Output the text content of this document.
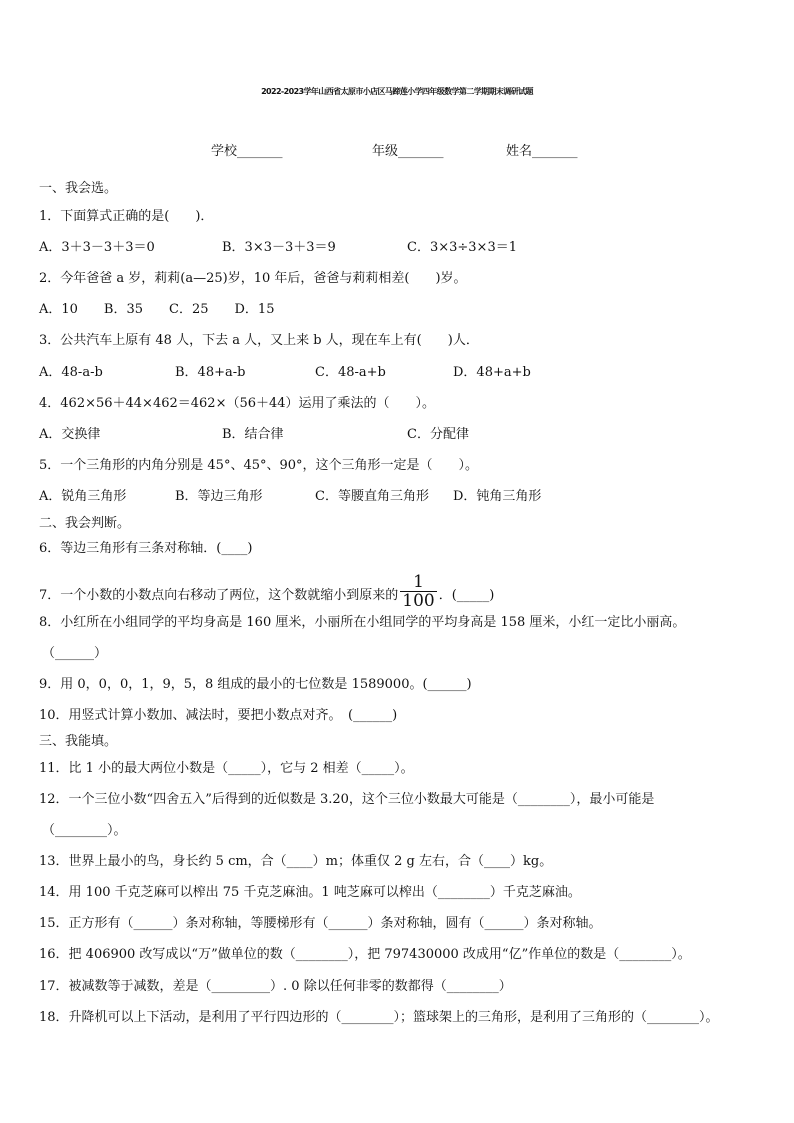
2022-2023学年山西省太原市小店区马蹄莲小学四年级数学第二学期期末调研试题
学校_______	年级_______	姓名_______
一、我会选。
1．下面算式正确的是(　　)．
A．3＋3－3＋3＝0	B．3×3－3＋3＝9	C．3×3÷3×3＝1
2．今年爸爸 a 岁，莉莉(a—25)岁，10 年后，爸爸与莉莉相差(　　)岁。
A．10　　B．35　　C．25　　D．15
3．公共汽车上原有 48 人，下去 a 人，又上来 b 人，现在车上有(　　)人．
A．48-a-b	B．48+a-b	C．48-a+b	D．48+a+b
4．462×56＋44×462＝462×（56＋44）运用了乘法的（　　）。
A．交换律	B．结合律	C．分配律
5．一个三角形的内角分别是 45°、45°、90°，这个三角形一定是（　　）。
A．锐角三角形	B．等边三角形	C．等腰直角三角形 D．钝角三角形
二、我会判断。
6．等边三角形有三条对称轴．(____)
7．一个小数的小数点向右移动了两位，这个数就缩小到原来的 $\frac{1}{100}$ ．(_____)
8．小红所在小组同学的平均身高是 160 厘米，小丽所在小组同学的平均身高是 158 厘米，小红一定比小丽高。
（______）
9．用 0，0，0，1，9，5，8 组成的最小的七位数是 1589000。(______)
10．用竖式计算小数加、减法时，要把小数点对齐。　(______)
三、我能填。
11．比 1 小的最大两位小数是（_____），它与 2 相差（_____）。
12．一个三位小数“四舍五入”后得到的近似数是 3.20，这个三位小数最大可能是（________），最小可能是
（________）。
13．世界上最小的鸟，身长约 5 cm，合（____）m；体重仅 2 g 左右，合（____）kg。
14．用 100 千克芝麻可以榨出 75 千克芝麻油。1 吨芝麻可以榨出（________）千克芝麻油。
15．正方形有（______）条对称轴，等腰梯形有（______）条对称轴，圆有（______）条对称轴。
16．把 406900 改写成以“万”做单位的数（________），把 797430000 改成用“亿”作单位的数是（________）。
17．被减数等于减数，差是（_________）. 0 除以任何非零的数都得（________）
18．升降机可以上下活动，是利用了平行四边形的（________）；篮球架上的三角形，是利用了三角形的（________）。
